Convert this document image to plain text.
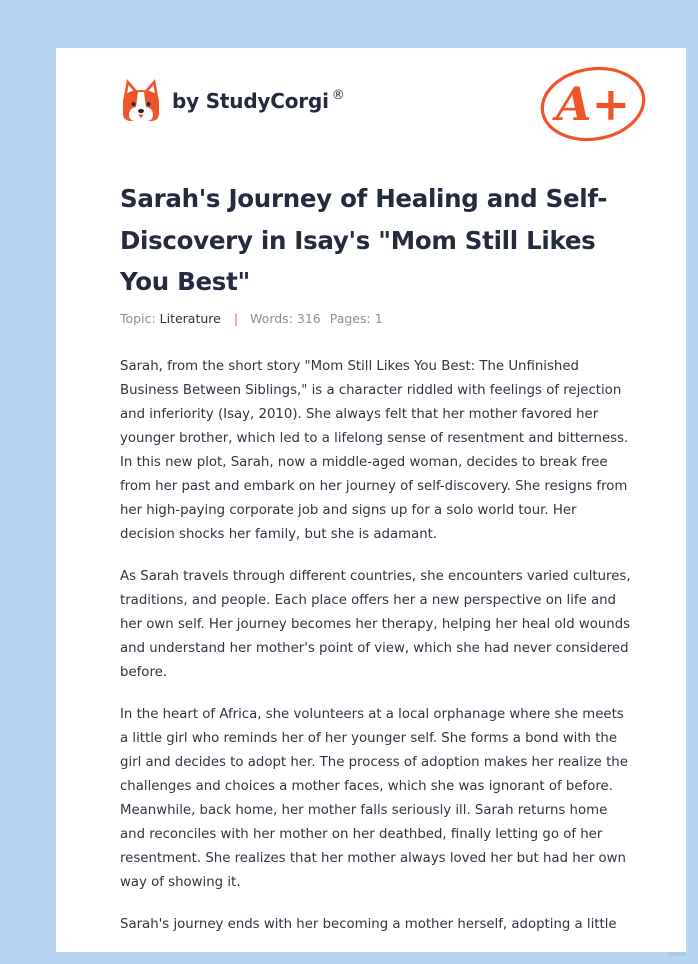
by StudyCorgi ®	A+
Sarah's Journey of Healing and Self-Discovery in Isay's "Mom Still Likes You Best"
Topic: Literature | Words: 316 Pages: 1

Sarah, from the short story "Mom Still Likes You Best: The Unfinished Business Between Siblings," is a character riddled with feelings of rejection and inferiority (Isay, 2010). She always felt that her mother favored her younger brother, which led to a lifelong sense of resentment and bitterness. In this new plot, Sarah, now a middle-aged woman, decides to break free from her past and embark on her journey of self-discovery. She resigns from her high-paying corporate job and signs up for a solo world tour. Her decision shocks her family, but she is adamant.

As Sarah travels through different countries, she encounters varied cultures, traditions, and people. Each place offers her a new perspective on life and her own self. Her journey becomes her therapy, helping her heal old wounds and understand her mother's point of view, which she had never considered before.

In the heart of Africa, she volunteers at a local orphanage where she meets a little girl who reminds her of her younger self. She forms a bond with the girl and decides to adopt her. The process of adoption makes her realize the challenges and choices a mother faces, which she was ignorant of before. Meanwhile, back home, her mother falls seriously ill. Sarah returns home and reconciles with her mother on her deathbed, finally letting go of her resentment. She realizes that her mother always loved her but had her own way of showing it.

Sarah's journey ends with her becoming a mother herself, adopting a little
